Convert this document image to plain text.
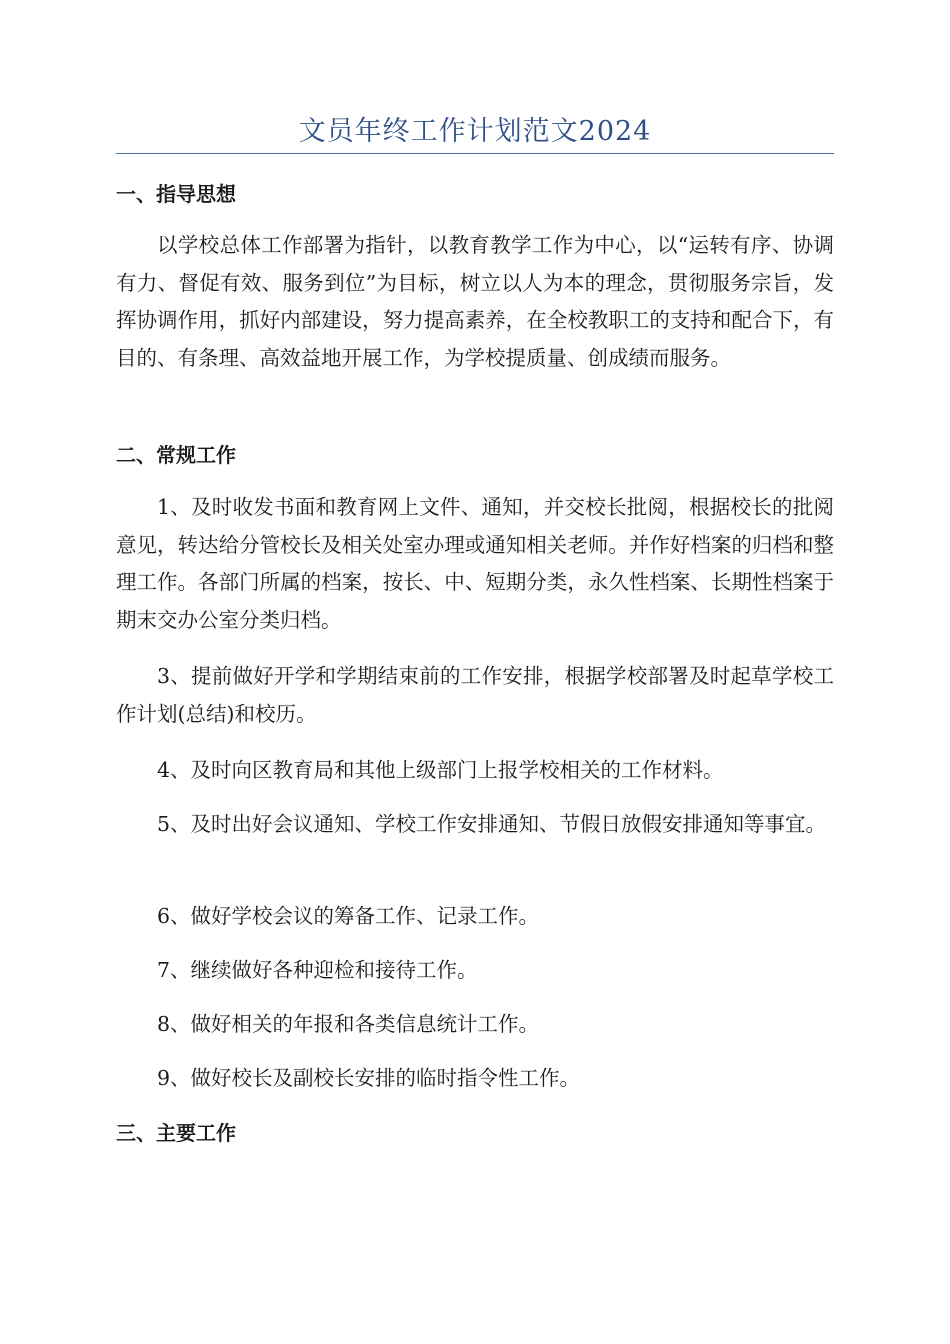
文员年终工作计划范文2024
一、指导思想

以学校总体工作部署为指针，以教育教学工作为中心，以“运转有序、协调有力、督促有效、服务到位”为目标，树立以人为本的理念，贯彻服务宗旨，发挥协调作用，抓好内部建设，努力提高素养，在全校教职工的支持和配合下，有目的、有条理、高效益地开展工作，为学校提质量、创成绩而服务。

二、常规工作

1、及时收发书面和教育网上文件、通知，并交校长批阅，根据校长的批阅意见，转达给分管校长及相关处室办理或通知相关老师。并作好档案的归档和整理工作。各部门所属的档案，按长、中、短期分类，永久性档案、长期性档案于期末交办公室分类归档。

3、提前做好开学和学期结束前的工作安排，根据学校部署及时起草学校工作计划(总结)和校历。

4、及时向区教育局和其他上级部门上报学校相关的工作材料。

5、及时出好会议通知、学校工作安排通知、节假日放假安排通知等事宜。

6、做好学校会议的筹备工作、记录工作。

7、继续做好各种迎检和接待工作。

8、做好相关的年报和各类信息统计工作。

9、做好校长及副校长安排的临时指令性工作。

三、主要工作
